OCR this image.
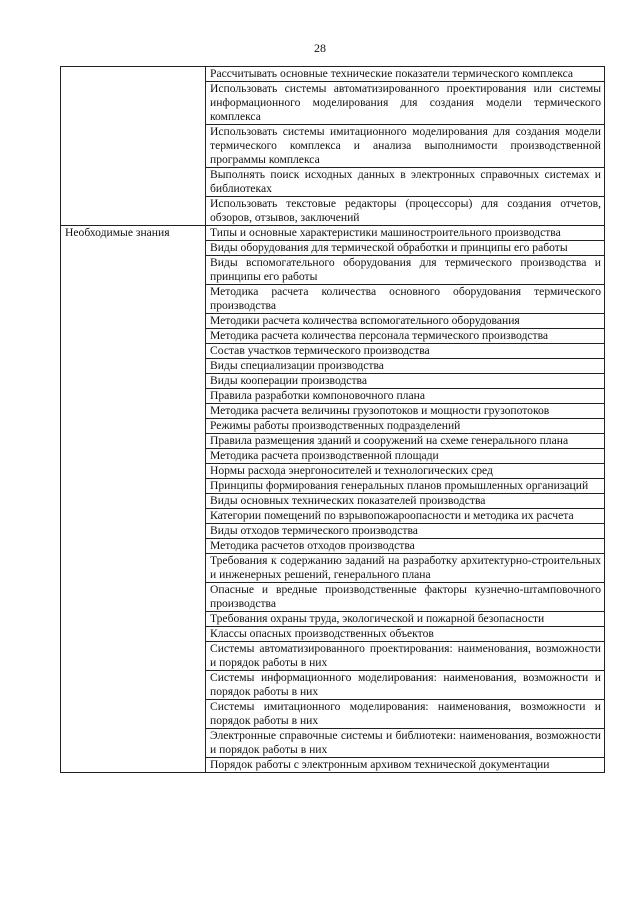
28
	Рассчитывать основные технические показатели термического комплекса
	Использовать системы автоматизированного проектирования или системы информационного моделирования для создания модели термического комплекса
	Использовать системы имитационного моделирования для создания модели термического комплекса и анализа выполнимости производственной программы комплекса
	Выполнять поиск исходных данных в электронных справочных системах и библиотеках
	Использовать текстовые редакторы (процессоры) для создания отчетов, обзоров, отзывов, заключений
Необходимые знания	Типы и основные характеристики машиностроительного производства
	Виды оборудования для термической обработки и принципы его работы
	Виды вспомогательного оборудования для термического производства и принципы его работы
	Методика расчета количества основного оборудования термического производства
	Методики расчета количества вспомогательного оборудования
	Методика расчета количества персонала термического производства
	Состав участков термического производства
	Виды специализации производства
	Виды кооперации производства
	Правила разработки компоновочного плана
	Методика расчета величины грузопотоков и мощности грузопотоков
	Режимы работы производственных подразделений
	Правила размещения зданий и сооружений на схеме генерального плана
	Методика расчета производственной площади
	Нормы расхода энергоносителей и технологических сред
	Принципы формирования генеральных планов промышленных организаций
	Виды основных технических показателей производства
	Категории помещений по взрывопожароопасности и методика их расчета
	Виды отходов термического производства
	Методика расчетов отходов производства
	Требования к содержанию заданий на разработку архитектурно-строительных и инженерных решений, генерального плана
	Опасные и вредные производственные факторы кузнечно-штамповочного производства
	Требования охраны труда, экологической и пожарной безопасности
	Классы опасных производственных объектов
	Системы автоматизированного проектирования: наименования, возможности и порядок работы в них
	Системы информационного моделирования: наименования, возможности и порядок работы в них
	Системы имитационного моделирования: наименования, возможности и порядок работы в них
	Электронные справочные системы и библиотеки: наименования, возможности и порядок работы в них
	Порядок работы с электронным архивом технической документации
